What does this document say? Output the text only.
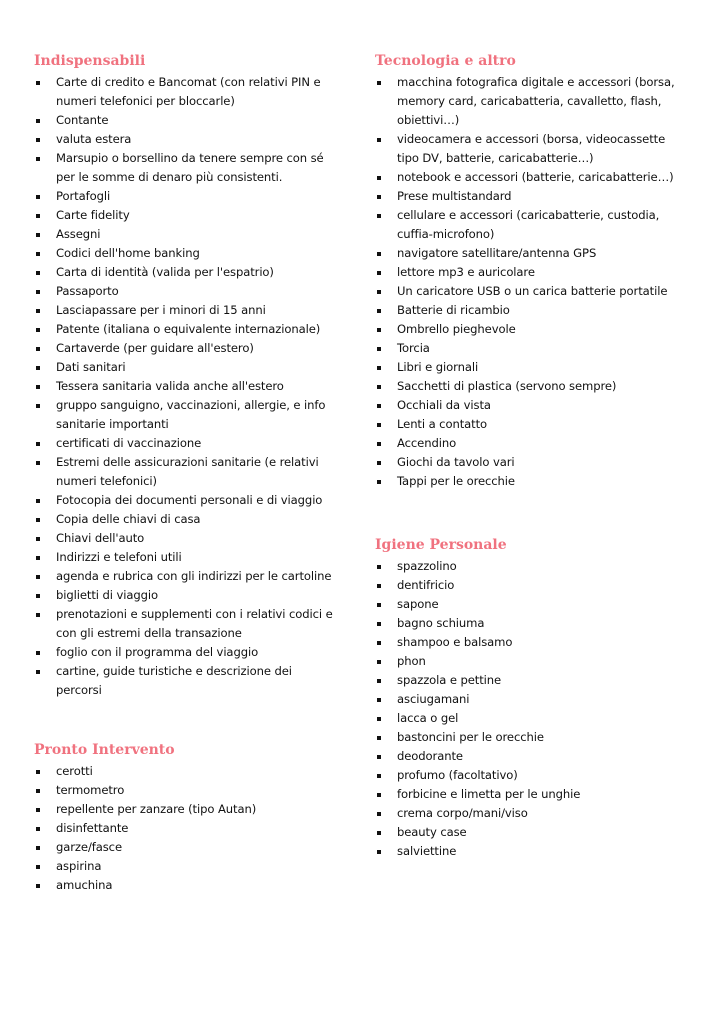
Indispensabili
Carte di credito e Bancomat (con relativi PIN e numeri telefonici per bloccarle)
Contante
valuta estera
Marsupio o borsellino da tenere sempre con sé per le somme di denaro più consistenti.
Portafogli
Carte fidelity
Assegni
Codici dell'home banking
Carta di identità (valida per l'espatrio)
Passaporto
Lasciapassare per i minori di 15 anni
Patente (italiana o equivalente internazionale)
Cartaverde (per guidare all'estero)
Dati sanitari
Tessera sanitaria valida anche all'estero
gruppo sanguigno, vaccinazioni, allergie, e info sanitarie importanti
certificati di vaccinazione
Estremi delle assicurazioni sanitarie (e relativi numeri telefonici)
Fotocopia dei documenti personali e di viaggio
Copia delle chiavi di casa
Chiavi dell'auto
Indirizzi e telefoni utili
agenda e rubrica con gli indirizzi per le cartoline
biglietti di viaggio
prenotazioni e supplementi con i relativi codici e con gli estremi della transazione
foglio con il programma del viaggio
cartine, guide turistiche e descrizione dei percorsi
Pronto Intervento
cerotti
termometro
repellente per zanzare (tipo Autan)
disinfettante
garze/fasce
aspirina
amuchina
Tecnologia e altro
macchina fotografica digitale e accessori (borsa, memory card, caricabatteria, cavalletto, flash, obiettivi…)
videocamera e accessori (borsa, videocassette tipo DV, batterie, caricabatterie…)
notebook e accessori (batterie, caricabatterie…)
Prese multistandard
cellulare e accessori (caricabatterie, custodia, cuffia-microfono)
navigatore satellitare/antenna GPS
lettore mp3 e auricolare
Un caricatore USB o un carica batterie portatile
Batterie di ricambio
Ombrello pieghevole
Torcia
Libri e giornali
Sacchetti di plastica (servono sempre)
Occhiali da vista
Lenti a contatto
Accendino
Giochi da tavolo vari
Tappi per le orecchie
Igiene Personale
spazzolino
dentifricio
sapone
bagno schiuma
shampoo e balsamo
phon
spazzola e pettine
asciugamani
lacca o gel
bastoncini per le orecchie
deodorante
profumo (facoltativo)
forbicine e limetta per le unghie
crema corpo/mani/viso
beauty case
salviettine
